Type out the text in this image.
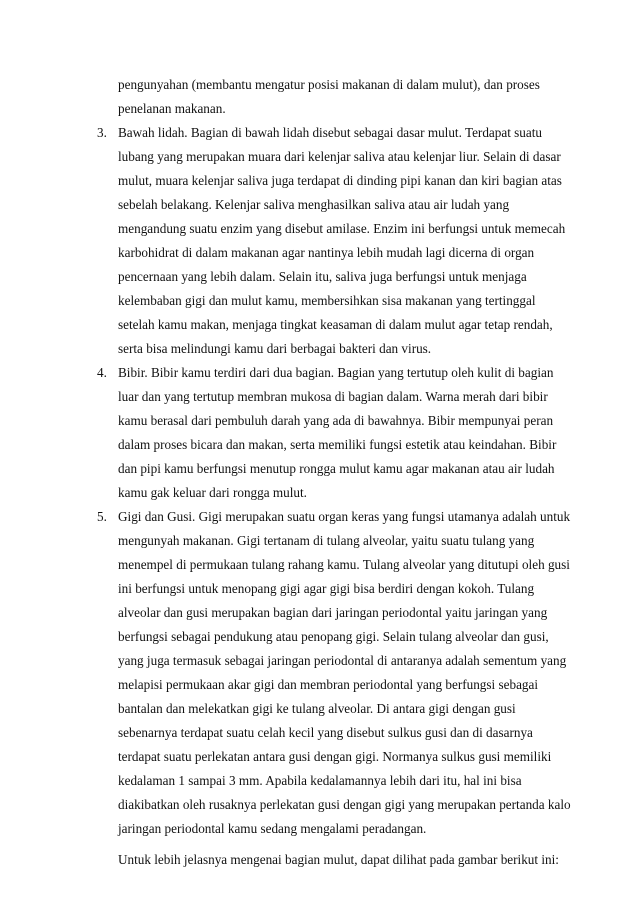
pengunyahan (membantu mengatur posisi makanan di dalam mulut), dan proses
penelanan makanan.
3. Bawah lidah. Bagian di bawah lidah disebut sebagai dasar mulut. Terdapat suatu
lubang yang merupakan muara dari kelenjar saliva atau kelenjar liur. Selain di dasar
mulut, muara kelenjar saliva juga terdapat di dinding pipi kanan dan kiri bagian atas
sebelah belakang. Kelenjar saliva menghasilkan saliva atau air ludah yang
mengandung suatu enzim yang disebut amilase. Enzim ini berfungsi untuk memecah
karbohidrat di dalam makanan agar nantinya lebih mudah lagi dicerna di organ
pencernaan yang lebih dalam. Selain itu, saliva juga berfungsi untuk menjaga
kelembaban gigi dan mulut kamu, membersihkan sisa makanan yang tertinggal
setelah kamu makan, menjaga tingkat keasaman di dalam mulut agar tetap rendah,
serta bisa melindungi kamu dari berbagai bakteri dan virus.
4. Bibir. Bibir kamu terdiri dari dua bagian. Bagian yang tertutup oleh kulit di bagian
luar dan yang tertutup membran mukosa di bagian dalam. Warna merah dari bibir
kamu berasal dari pembuluh darah yang ada di bawahnya. Bibir mempunyai peran
dalam proses bicara dan makan, serta memiliki fungsi estetik atau keindahan. Bibir
dan pipi kamu berfungsi menutup rongga mulut kamu agar makanan atau air ludah
kamu gak keluar dari rongga mulut.
5. Gigi dan Gusi. Gigi merupakan suatu organ keras yang fungsi utamanya adalah untuk
mengunyah makanan. Gigi tertanam di tulang alveolar, yaitu suatu tulang yang
menempel di permukaan tulang rahang kamu. Tulang alveolar yang ditutupi oleh gusi
ini berfungsi untuk menopang gigi agar gigi bisa berdiri dengan kokoh. Tulang
alveolar dan gusi merupakan bagian dari jaringan periodontal yaitu jaringan yang
berfungsi sebagai pendukung atau penopang gigi. Selain tulang alveolar dan gusi,
yang juga termasuk sebagai jaringan periodontal di antaranya adalah sementum yang
melapisi permukaan akar gigi dan membran periodontal yang berfungsi sebagai
bantalan dan melekatkan gigi ke tulang alveolar. Di antara gigi dengan gusi
sebenarnya terdapat suatu celah kecil yang disebut sulkus gusi dan di dasarnya
terdapat suatu perlekatan antara gusi dengan gigi. Normanya sulkus gusi memiliki
kedalaman 1 sampai 3 mm. Apabila kedalamannya lebih dari itu, hal ini bisa
diakibatkan oleh rusaknya perlekatan gusi dengan gigi yang merupakan pertanda kalo
jaringan periodontal kamu sedang mengalami peradangan.
Untuk lebih jelasnya mengenai bagian mulut, dapat dilihat pada gambar berikut ini:
